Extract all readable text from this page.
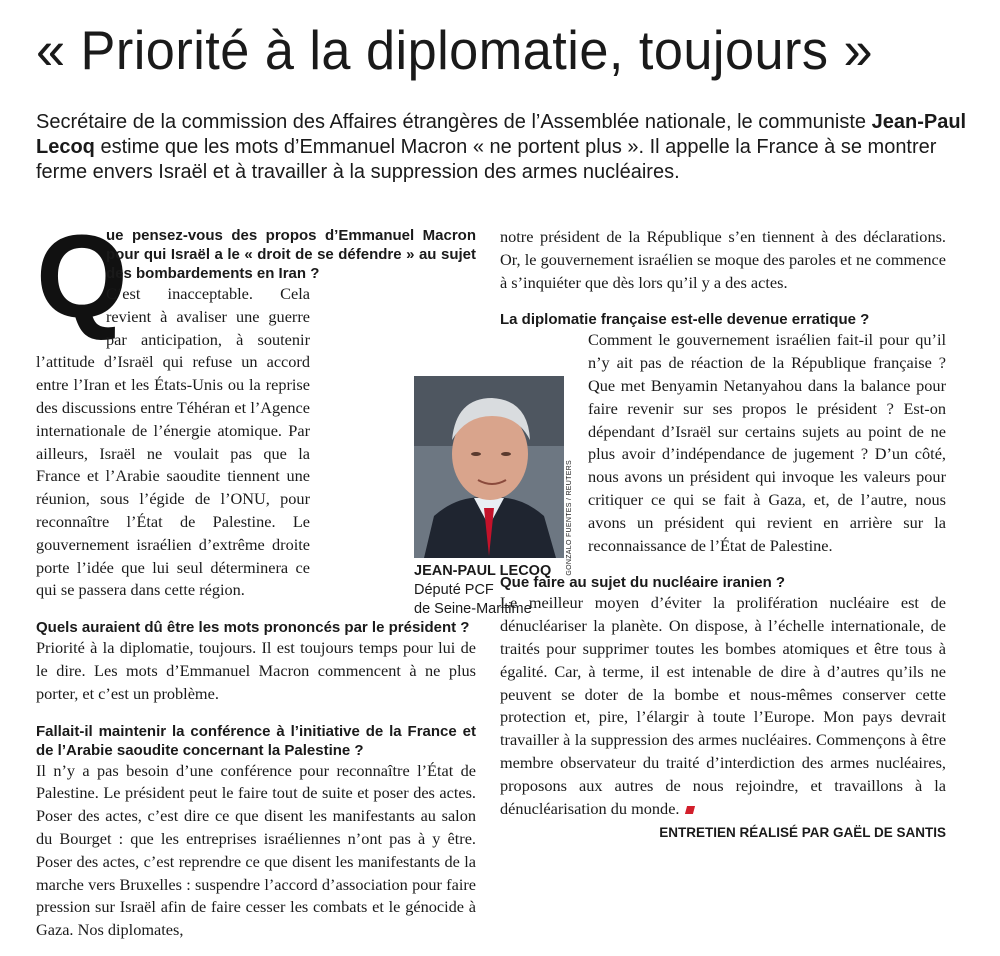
« Priorité à la diplomatie, toujours »

Secrétaire de la commission des Affaires étrangères de l’Assemblée nationale, le communiste Jean-Paul Lecoq estime que les mots d’Emmanuel Macron « ne portent plus ». Il appelle la France à se montrer ferme envers Israël et à travailler à la suppression des armes nucléaires.

Q

ue pensez-vous des propos d’Emmanuel Macron pour qui Israël a le « droit de se défendre » au sujet des bombardements en Iran ?

C’est inacceptable. Cela revient à avaliser une guerre par anticipation, à soutenir l’attitude d’Israël qui refuse un accord entre l’Iran et les États-Unis ou la reprise des discussions entre Téhéran et l’Agence internationale de l’énergie atomique. Par ailleurs, Israël ne voulait pas que la France et l’Arabie saoudite tiennent une réunion, sous l’égide de l’ONU, pour reconnaître l’État de Palestine. Le gouvernement israélien d’extrême droite porte l’idée que lui seul déterminera ce qui se passera dans cette région.

Quels auraient dû être les mots prononcés par le président ?

Priorité à la diplomatie, toujours. Il est toujours temps pour lui de le dire. Les mots d’Emmanuel Macron commencent à ne plus porter, et c’est un problème.

Fallait-il maintenir la conférence à l’initiative de la France et de l’Arabie saoudite concernant la Palestine ?

Il n’y a pas besoin d’une conférence pour reconnaître l’État de Palestine. Le président peut le faire tout de suite et poser des actes. Poser des actes, c’est dire ce que disent les manifestants au salon du Bourget : que les entreprises israéliennes n’ont pas à y être. Poser des actes, c’est reprendre ce que disent les manifestants de la marche vers Bruxelles : suspendre l’accord d’association pour faire pression sur Israël afin de faire cesser les combats et le génocide à Gaza. Nos diplomates,

JEAN-PAUL LECOQ
Député PCF
de Seine-Maritime
GONZALO FUENTES / REUTERS

notre président de la République s’en tiennent à des déclarations. Or, le gouvernement israélien se moque des paroles et ne commence à s’inquiéter que dès lors qu’il y a des actes.

La diplomatie française est-elle devenue erratique ?

Comment le gouvernement israélien fait-il pour qu’il n’y ait pas de réaction de la République française ? Que met Benyamin Netanyahou dans la balance pour faire revenir sur ses propos le président ? Est-on dépendant d’Israël sur certains sujets au point de ne plus avoir d’indépendance de jugement ? D’un côté, nous avons un président qui invoque les valeurs pour critiquer ce qui se fait à Gaza, et, de l’autre, nous avons un président qui revient en arrière sur la reconnaissance de l’État de Palestine.

Que faire au sujet du nucléaire iranien ?

Le meilleur moyen d’éviter la prolifération nucléaire est de dénucléariser la planète. On dispose, à l’échelle internationale, de traités pour supprimer toutes les bombes atomiques et être tous à égalité. Car, à terme, il est intenable de dire à d’autres qu’ils ne peuvent se doter de la bombe et nous-mêmes conserver cette protection et, pire, l’élargir à toute l’Europe. Mon pays devrait travailler à la suppression des armes nucléaires. Commençons à être membre observateur du traité d’interdiction des armes nucléaires, proposons aux autres de nous rejoindre, et travaillons à la dénucléarisation du monde.

ENTRETIEN RÉALISÉ PAR GAËL DE SANTIS
